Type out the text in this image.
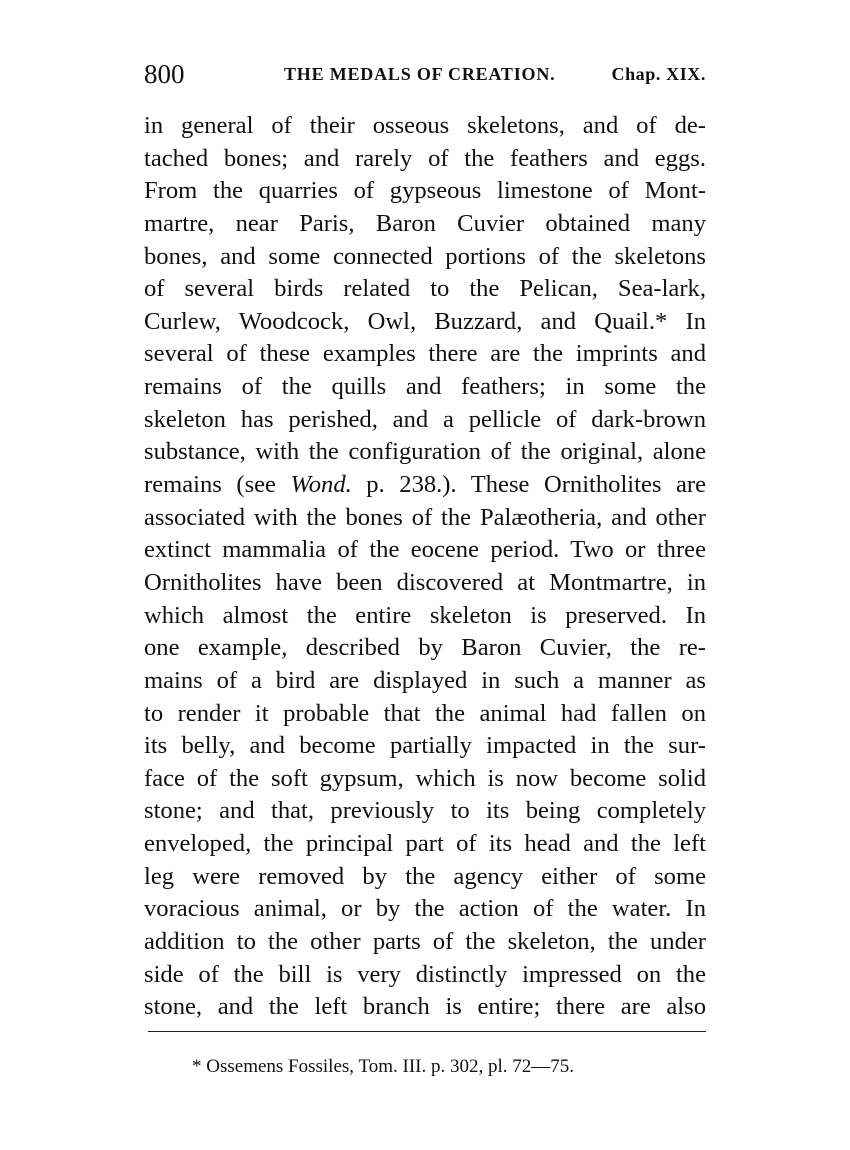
800	THE MEDALS OF CREATION.	Chap. XIX.
in general of their osseous skeletons, and of de-
tached bones; and rarely of the feathers and eggs.
From the quarries of gypseous limestone of Mont-
martre, near Paris, Baron Cuvier obtained many
bones, and some connected portions of the skeletons
of several birds related to the Pelican, Sea-lark,
Curlew, Woodcock, Owl, Buzzard, and Quail.* In
several of these examples there are the imprints and
remains of the quills and feathers; in some the
skeleton has perished, and a pellicle of dark-brown
substance, with the configuration of the original, alone
remains (see Wond. p. 238.). These Ornitholites are
associated with the bones of the Palæotheria, and other
extinct mammalia of the eocene period. Two or three
Ornitholites have been discovered at Montmartre, in
which almost the entire skeleton is preserved. In
one example, described by Baron Cuvier, the re-
mains of a bird are displayed in such a manner as
to render it probable that the animal had fallen on
its belly, and become partially impacted in the sur-
face of the soft gypsum, which is now become solid
stone; and that, previously to its being completely
enveloped, the principal part of its head and the left
leg were removed by the agency either of some
voracious animal, or by the action of the water. In
addition to the other parts of the skeleton, the under
side of the bill is very distinctly impressed on the
stone, and the left branch is entire; there are also
* Ossemens Fossiles, Tom. III. p. 302, pl. 72—75.
